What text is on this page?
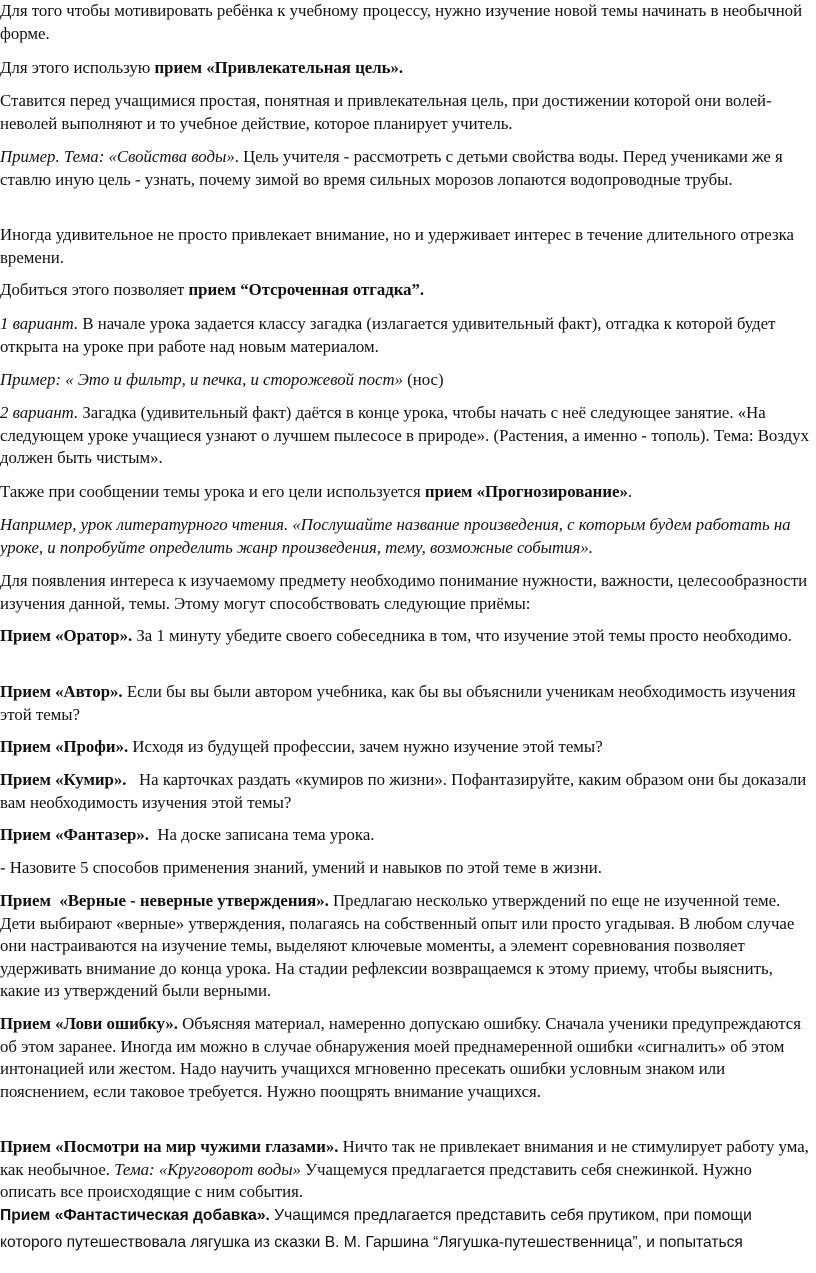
Для того чтобы мотивировать ребёнка к учебному процессу, нужно изучение новой темы начинать в необычной форме.

Для этого использую прием «Привлекательная цель».

Ставится перед учащимися простая, понятная и привлекательная цель, при достижении которой они волей-неволей выполняют и то учебное действие, которое планирует учитель.

Пример. Тема: «Свойства воды». Цель учителя - рассмотреть с детьми свойства воды. Перед учениками же я ставлю иную цель - узнать, почему зимой во время сильных морозов лопаются водопроводные трубы.

Иногда удивительное не просто привлекает внимание, но и удерживает интерес в течение длительного отрезка времени.

Добиться этого позволяет прием “Отсроченная отгадка”.

1 вариант. В начале урока задается классу загадка (излагается удивительный факт), отгадка к которой будет открыта на уроке при работе над новым материалом.

Пример: « Это и фильтр, и печка, и сторожевой пост» (нос)

2 вариант. Загадка (удивительный факт) даётся в конце урока, чтобы начать с неё следующее занятие. «На следующем уроке учащиеся узнают о лучшем пылесосе в природе». (Растения, а именно - тополь). Тема: Воздух должен быть чистым».

Также при сообщении темы урока и его цели используется прием «Прогнозирование».

Например, урок литературного чтения. «Послушайте название произведения, с которым будем работать на уроке, и попробуйте определить жанр произведения, тему, возможные события».

Для появления интереса к изучаемому предмету необходимо понимание нужности, важности, целесообразности изучения данной, темы. Этому могут способствовать следующие приёмы:

Прием «Оратор». За 1 минуту убедите своего собеседника в том, что изучение этой темы просто необходимо.

Прием «Автор». Если бы вы были автором учебника, как бы вы объяснили ученикам необходимость изучения этой темы?

Прием «Профи». Исходя из будущей профессии, зачем нужно изучение этой темы?

Прием «Кумир».   На карточках раздать «кумиров по жизни». Пофантазируйте, каким образом они бы доказали вам необходимость изучения этой темы?

Прием «Фантазер».  На доске записана тема урока.

- Назовите 5 способов применения знаний, умений и навыков по этой теме в жизни.

Прием  «Верные - неверные утверждения». Предлагаю несколько утверждений по еще не изученной теме. Дети выбирают «верные» утверждения, полагаясь на собственный опыт или просто угадывая. В любом случае они настраиваются на изучение темы, выделяют ключевые моменты, а элемент соревнования позволяет удерживать внимание до конца урока. На стадии рефлексии возвращаемся к этому приему, чтобы выяснить, какие из утверждений были верными.

Прием «Лови ошибку». Объясняя материал, намеренно допускаю ошибку. Сначала ученики предупреждаются об этом заранее. Иногда им можно в случае обнаружения моей преднамеренной ошибки «сигналить» об этом интонацией или жестом. Надо научить учащихся мгновенно пресекать ошибки условным знаком или пояснением, если таковое требуется. Нужно поощрять внимание учащихся.

Прием «Посмотри на мир чужими глазами». Ничто так не привлекает внимания и не стимулирует работу ума, как необычное. Тема: «Круговорот воды» Учащемуся предлагается представить себя снежинкой. Нужно описать все происходящие с ним события.

Прием «Фантастическая добавка». Учащимся предлагается представить себя прутиком, при помощи которого путешествовала лягушка из сказки В. М. Гаршина “Лягушка-путешественница”, и попытаться
